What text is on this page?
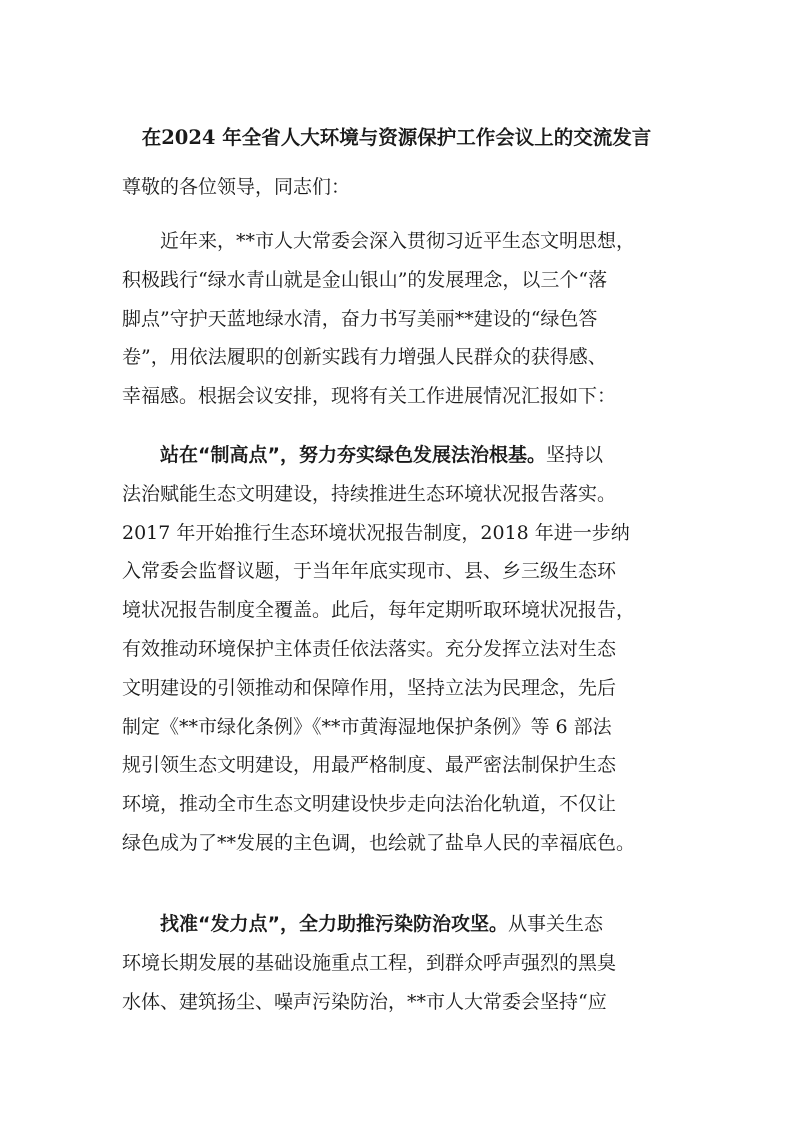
在2024 年全省人大环境与资源保护工作会议上的交流发言
尊敬的各位领导，同志们：
近年来，**市人大常委会深入贯彻习近平生态文明思想，
积极践行“绿水青山就是金山银山”的发展理念，以三个“落
脚点”守护天蓝地绿水清，奋力书写美丽**建设的“绿色答
卷”，用依法履职的创新实践有力增强人民群众的获得感、
幸福感。根据会议安排，现将有关工作进展情况汇报如下：
站在“制高点”，努力夯实绿色发展法治根基。坚持以
法治赋能生态文明建设，持续推进生态环境状况报告落实。
2017 年开始推行生态环境状况报告制度，2018 年进一步纳
入常委会监督议题，于当年年底实现市、县、乡三级生态环
境状况报告制度全覆盖。此后，每年定期听取环境状况报告，
有效推动环境保护主体责任依法落实。充分发挥立法对生态
文明建设的引领推动和保障作用，坚持立法为民理念，先后
制定《**市绿化条例》《**市黄海湿地保护条例》等 6 部法
规引领生态文明建设，用最严格制度、最严密法制保护生态
环境，推动全市生态文明建设快步走向法治化轨道，不仅让
绿色成为了**发展的主色调，也绘就了盐阜人民的幸福底色。
找准“发力点”，全力助推污染防治攻坚。从事关生态
环境长期发展的基础设施重点工程，到群众呼声强烈的黑臭
水体、建筑扬尘、噪声污染防治，**市人大常委会坚持“应
